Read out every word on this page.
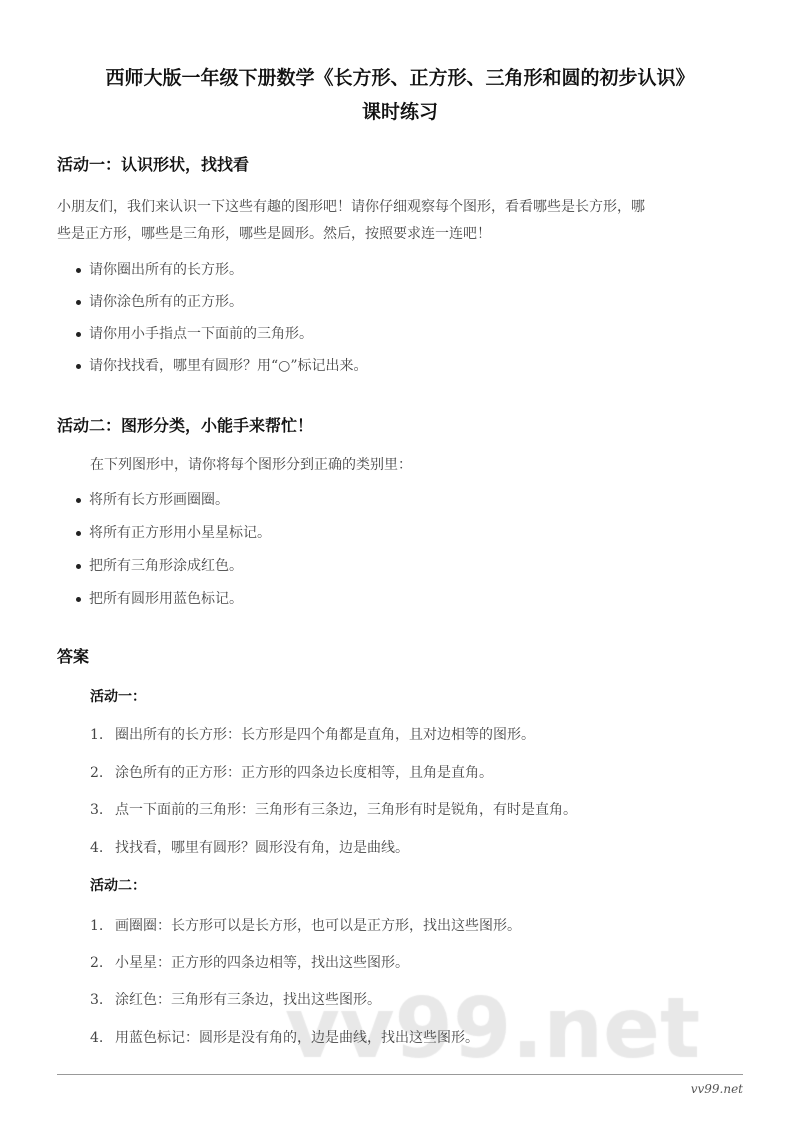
西师大版一年级下册数学《长方形、正方形、三角形和圆的初步认识》
课时练习
活动一：认识形状，找找看
小朋友们，我们来认识一下这些有趣的图形吧！请你仔细观察每个图形，看看哪些是长方形，哪
些是正方形，哪些是三角形，哪些是圆形。然后，按照要求连一连吧！
请你圈出所有的长方形。
请你涂色所有的正方形。
请你用小手指点一下面前的三角形。
请你找找看，哪里有圆形？用“○”标记出来。
活动二：图形分类，小能手来帮忙！
在下列图形中，请你将每个图形分到正确的类别里：
将所有长方形画圈圈。
将所有正方形用小星星标记。
把所有三角形涂成红色。
把所有圆形用蓝色标记。
答案
活动一：
1. 圈出所有的长方形：长方形是四个角都是直角，且对边相等的图形。
2. 涂色所有的正方形：正方形的四条边长度相等，且角是直角。
3. 点一下面前的三角形：三角形有三条边，三角形有时是锐角，有时是直角。
4. 找找看，哪里有圆形？圆形没有角，边是曲线。
活动二：
1. 画圈圈：长方形可以是长方形，也可以是正方形，找出这些图形。
2. 小星星：正方形的四条边相等，找出这些图形。
3. 涂红色：三角形有三条边，找出这些图形。
4. 用蓝色标记：圆形是没有角的，边是曲线，找出这些图形。
vv99.net
